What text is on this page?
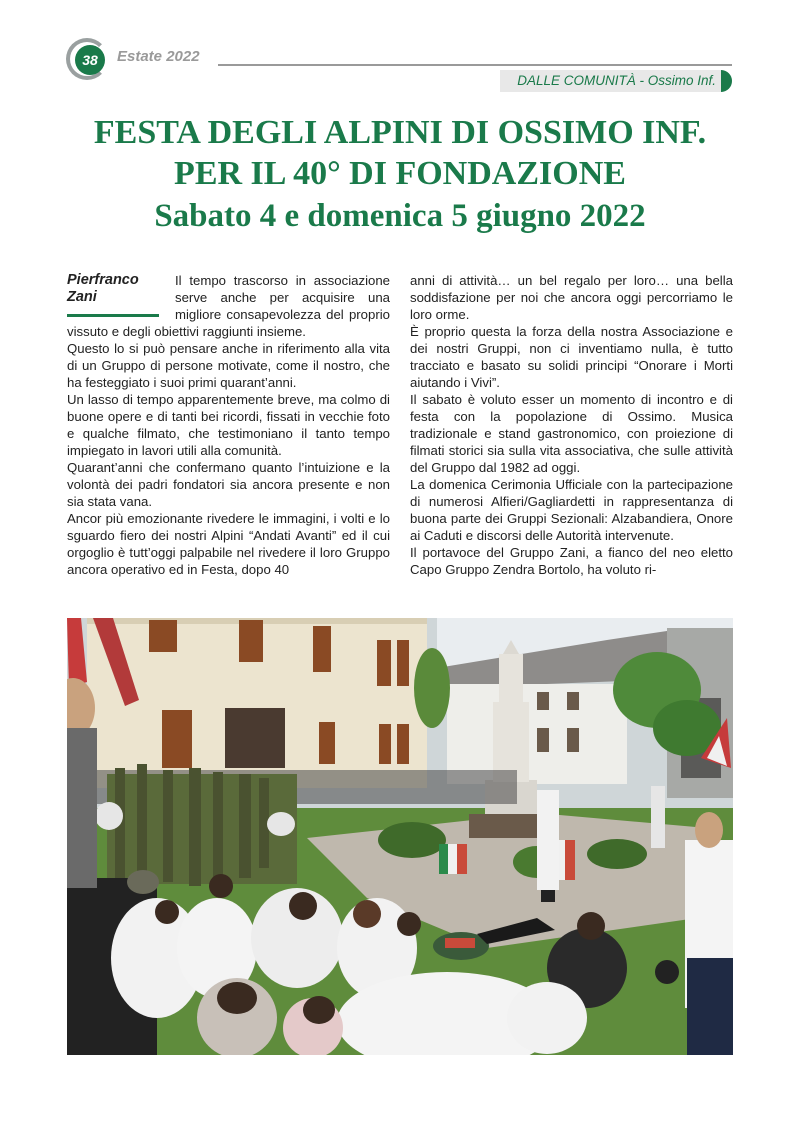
38	Estate 2022
DALLE COMUNITÀ - Ossimo Inf.
FESTA DEGLI ALPINI DI OSSIMO INF.
PER IL 40° DI FONDAZIONE
Sabato 4 e domenica 5 giugno 2022
Pierfranco
Zani

Il tempo trascorso in associazione serve anche per acquisire una migliore consapevolezza del proprio vissuto e degli obiettivi raggiunti insieme.

Questo lo si può pensare anche in riferimento alla vita di un Gruppo di persone motivate, come il nostro, che ha festeggiato i suoi primi quarant’anni.

Un lasso di tempo apparentemente breve, ma colmo di buone opere e di tanti bei ricordi, fissati in vecchie foto e qualche filmato, che testimoniano il tanto tempo impiegato in lavori utili alla comunità.

Quarant’anni che confermano quanto l’intuizione e la volontà dei padri fondatori sia ancora presente e non sia stata vana.

Ancor più emozionante rivedere le immagini, i volti e lo sguardo fiero dei nostri Alpini “Andati Avanti” ed il cui orgoglio è tutt’oggi palpabile nel rivedere il loro Gruppo ancora operativo ed in Festa, dopo 40

anni di attività… un bel regalo per loro… una bella soddisfazione per noi che ancora oggi percorriamo le loro orme.

È proprio questa la forza della nostra Associazione e dei nostri Gruppi, non ci inventiamo nulla, è tutto tracciato e basato su solidi principi “Onorare i Morti aiutando i Vivi”.

Il sabato è voluto esser un momento di incontro e di festa con la popolazione di Ossimo. Musica tradizionale e stand gastronomico, con proiezione di filmati storici sia sulla vita associativa, che sulle attività del Gruppo dal 1982 ad oggi.

La domenica Cerimonia Ufficiale con la partecipazione di numerosi Alfieri/Gagliardetti in rappresentanza di buona parte dei Gruppi Sezionali: Alzabandiera, Onore ai Caduti e discorsi delle Autorità intervenute.

Il portavoce del Gruppo Zani, a fianco del neo eletto Capo Gruppo Zendra Bortolo, ha voluto ri-
